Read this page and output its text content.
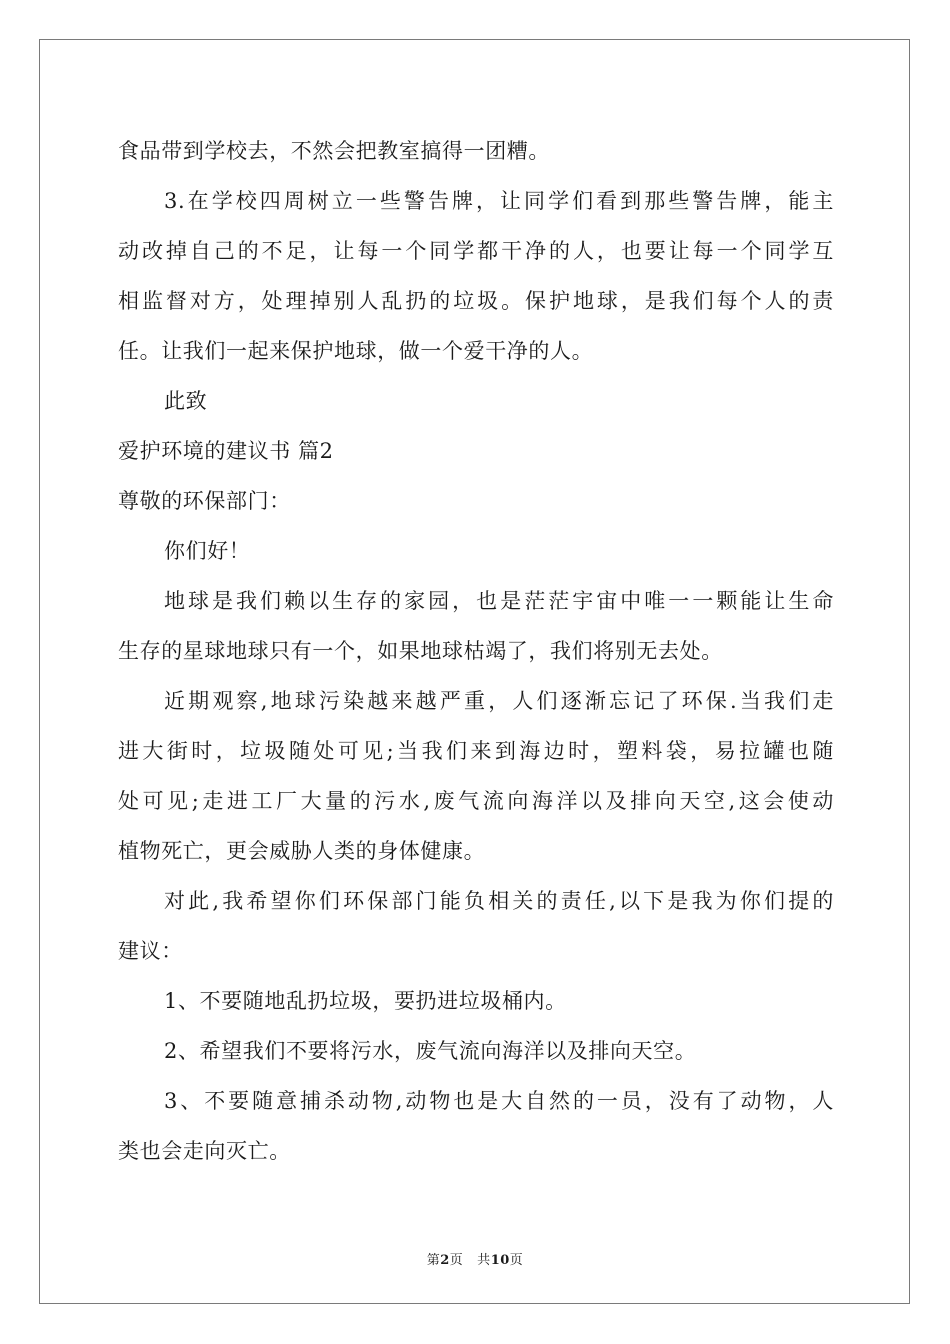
食品带到学校去，不然会把教室搞得一团糟。
3.在学校四周树立一些警告牌，让同学们看到那些警告牌，能主
动改掉自己的不足，让每一个同学都干净的人，也要让每一个同学互
相监督对方，处理掉别人乱扔的垃圾。保护地球，是我们每个人的责
任。让我们一起来保护地球，做一个爱干净的人。
此致
爱护环境的建议书 篇2
尊敬的环保部门：
你们好！
地球是我们赖以生存的家园，也是茫茫宇宙中唯一一颗能让生命
生存的星球地球只有一个，如果地球枯竭了，我们将别无去处。
近期观察,地球污染越来越严重，人们逐渐忘记了环保.当我们走
进大街时，垃圾随处可见;当我们来到海边时，塑料袋，易拉罐也随
处可见;走进工厂大量的污水,废气流向海洋以及排向天空,这会使动
植物死亡，更会威胁人类的身体健康。
对此,我希望你们环保部门能负相关的责任,以下是我为你们提的
建议：
1、不要随地乱扔垃圾，要扔进垃圾桶内。
2、希望我们不要将污水，废气流向海洋以及排向天空。
3、不要随意捕杀动物,动物也是大自然的一员，没有了动物，人
类也会走向灭亡。
第2页 共10页
